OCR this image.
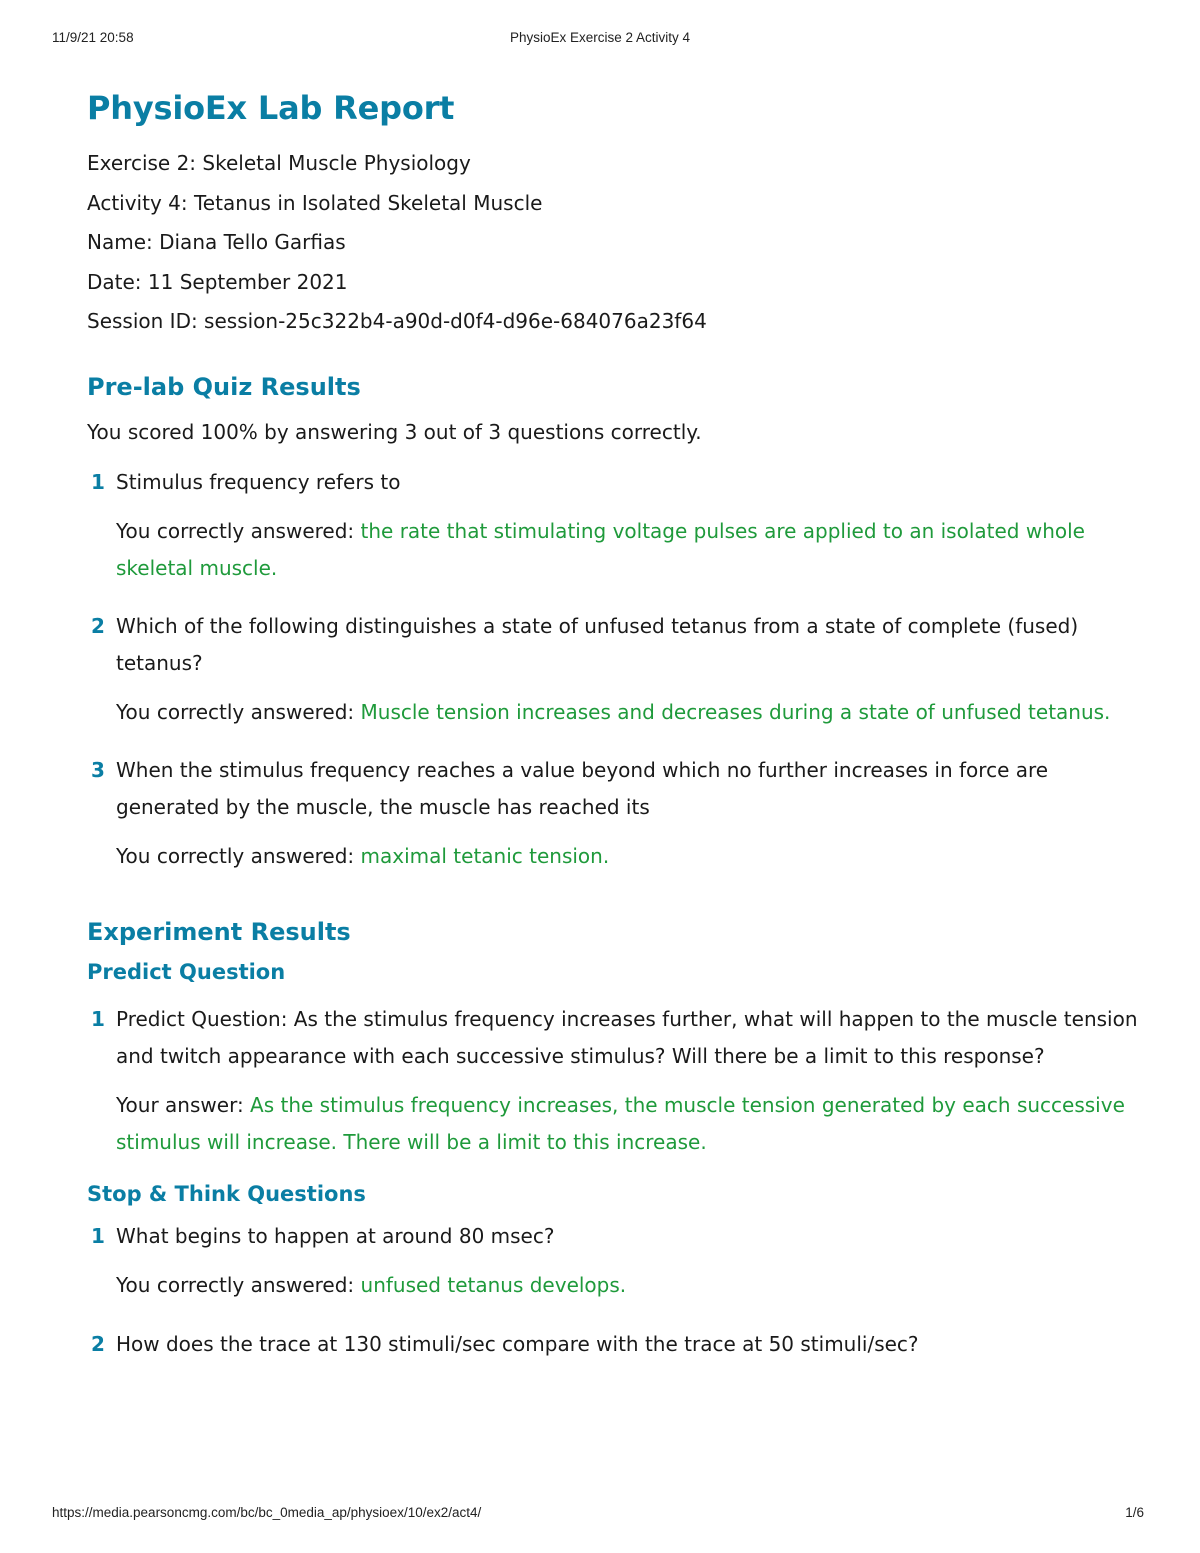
11/9/21 20:58	PhysioEx Exercise 2 Activity 4
PhysioEx Lab Report
Exercise 2: Skeletal Muscle Physiology
Activity 4: Tetanus in Isolated Skeletal Muscle
Name: Diana Tello Garfias
Date: 11 September 2021
Session ID: session-25c322b4-a90d-d0f4-d96e-684076a23f64
Pre-lab Quiz Results
You scored 100% by answering 3 out of 3 questions correctly.
1 Stimulus frequency refers to
You correctly answered: the rate that stimulating voltage pulses are applied to an isolated whole skeletal muscle.
2 Which of the following distinguishes a state of unfused tetanus from a state of complete (fused) tetanus?
You correctly answered: Muscle tension increases and decreases during a state of unfused tetanus.
3 When the stimulus frequency reaches a value beyond which no further increases in force are generated by the muscle, the muscle has reached its
You correctly answered: maximal tetanic tension.
Experiment Results
Predict Question
1 Predict Question: As the stimulus frequency increases further, what will happen to the muscle tension and twitch appearance with each successive stimulus? Will there be a limit to this response?
Your answer: As the stimulus frequency increases, the muscle tension generated by each successive stimulus will increase. There will be a limit to this increase.
Stop & Think Questions
1 What begins to happen at around 80 msec?
You correctly answered: unfused tetanus develops.
2 How does the trace at 130 stimuli/sec compare with the trace at 50 stimuli/sec?
https://media.pearsoncmg.com/bc/bc_0media_ap/physioex/10/ex2/act4/	1/6
